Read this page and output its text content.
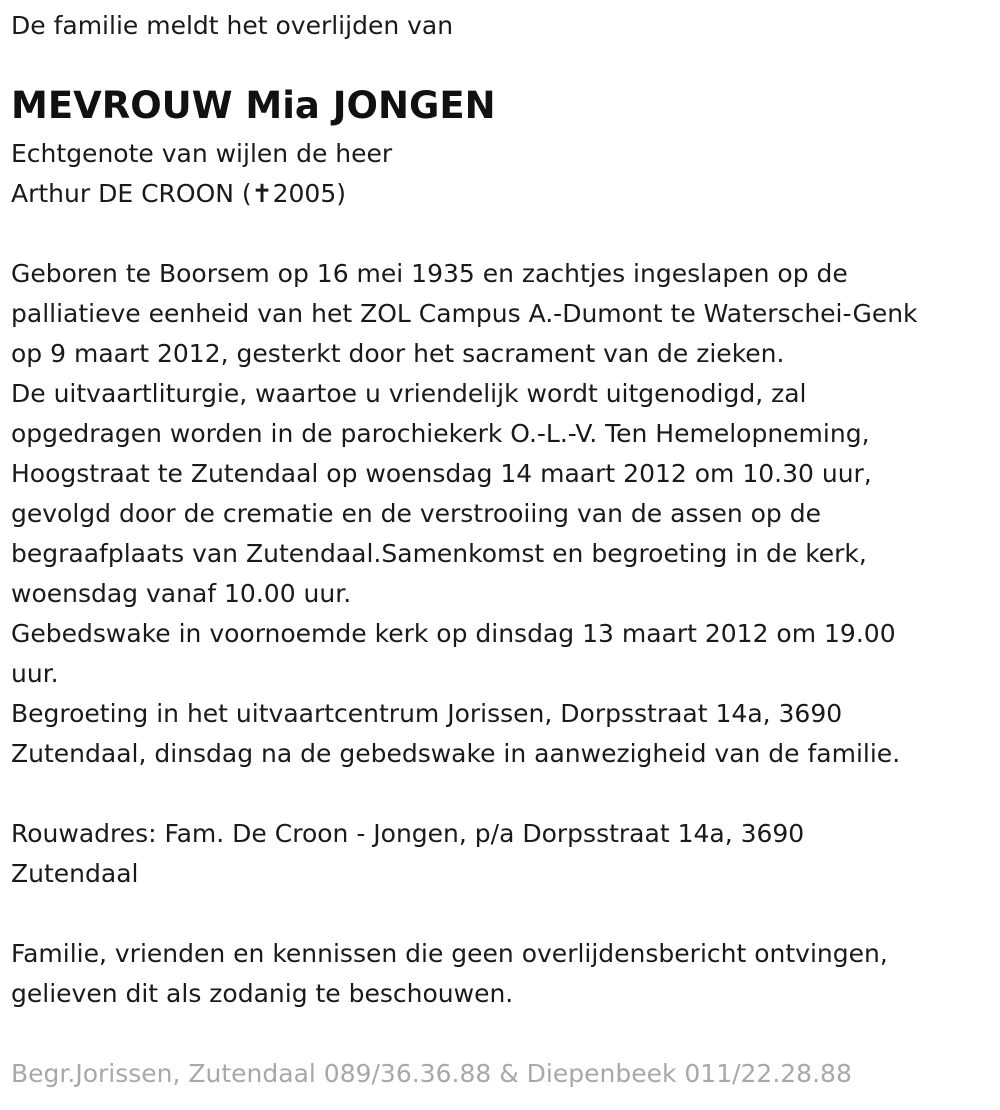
De familie meldt het overlijden van

MEVROUW Mia JONGEN

Echtgenote van wijlen de heer

Arthur DE CROON (✝2005)

Geboren te Boorsem op 16 mei 1935 en zachtjes ingeslapen op de

palliatieve eenheid van het ZOL Campus A.-Dumont te Waterschei-Genk

op 9 maart 2012, gesterkt door het sacrament van de zieken.

De uitvaartliturgie, waartoe u vriendelijk wordt uitgenodigd, zal

opgedragen worden in de parochiekerk O.-L.-V. Ten Hemelopneming,

Hoogstraat te Zutendaal op woensdag 14 maart 2012 om 10.30 uur,

gevolgd door de crematie en de verstrooiing van de assen op de

begraafplaats van Zutendaal.Samenkomst en begroeting in de kerk,

woensdag vanaf 10.00 uur.

Gebedswake in voornoemde kerk op dinsdag 13 maart 2012 om 19.00

uur.

Begroeting in het uitvaartcentrum Jorissen, Dorpsstraat 14a, 3690

Zutendaal, dinsdag na de gebedswake in aanwezigheid van de familie.

Rouwadres: Fam. De Croon - Jongen, p/a Dorpsstraat 14a, 3690

Zutendaal

Familie, vrienden en kennissen die geen overlijdensbericht ontvingen,

gelieven dit als zodanig te beschouwen.

Begr.Jorissen, Zutendaal 089/36.36.88 & Diepenbeek 011/22.28.88
